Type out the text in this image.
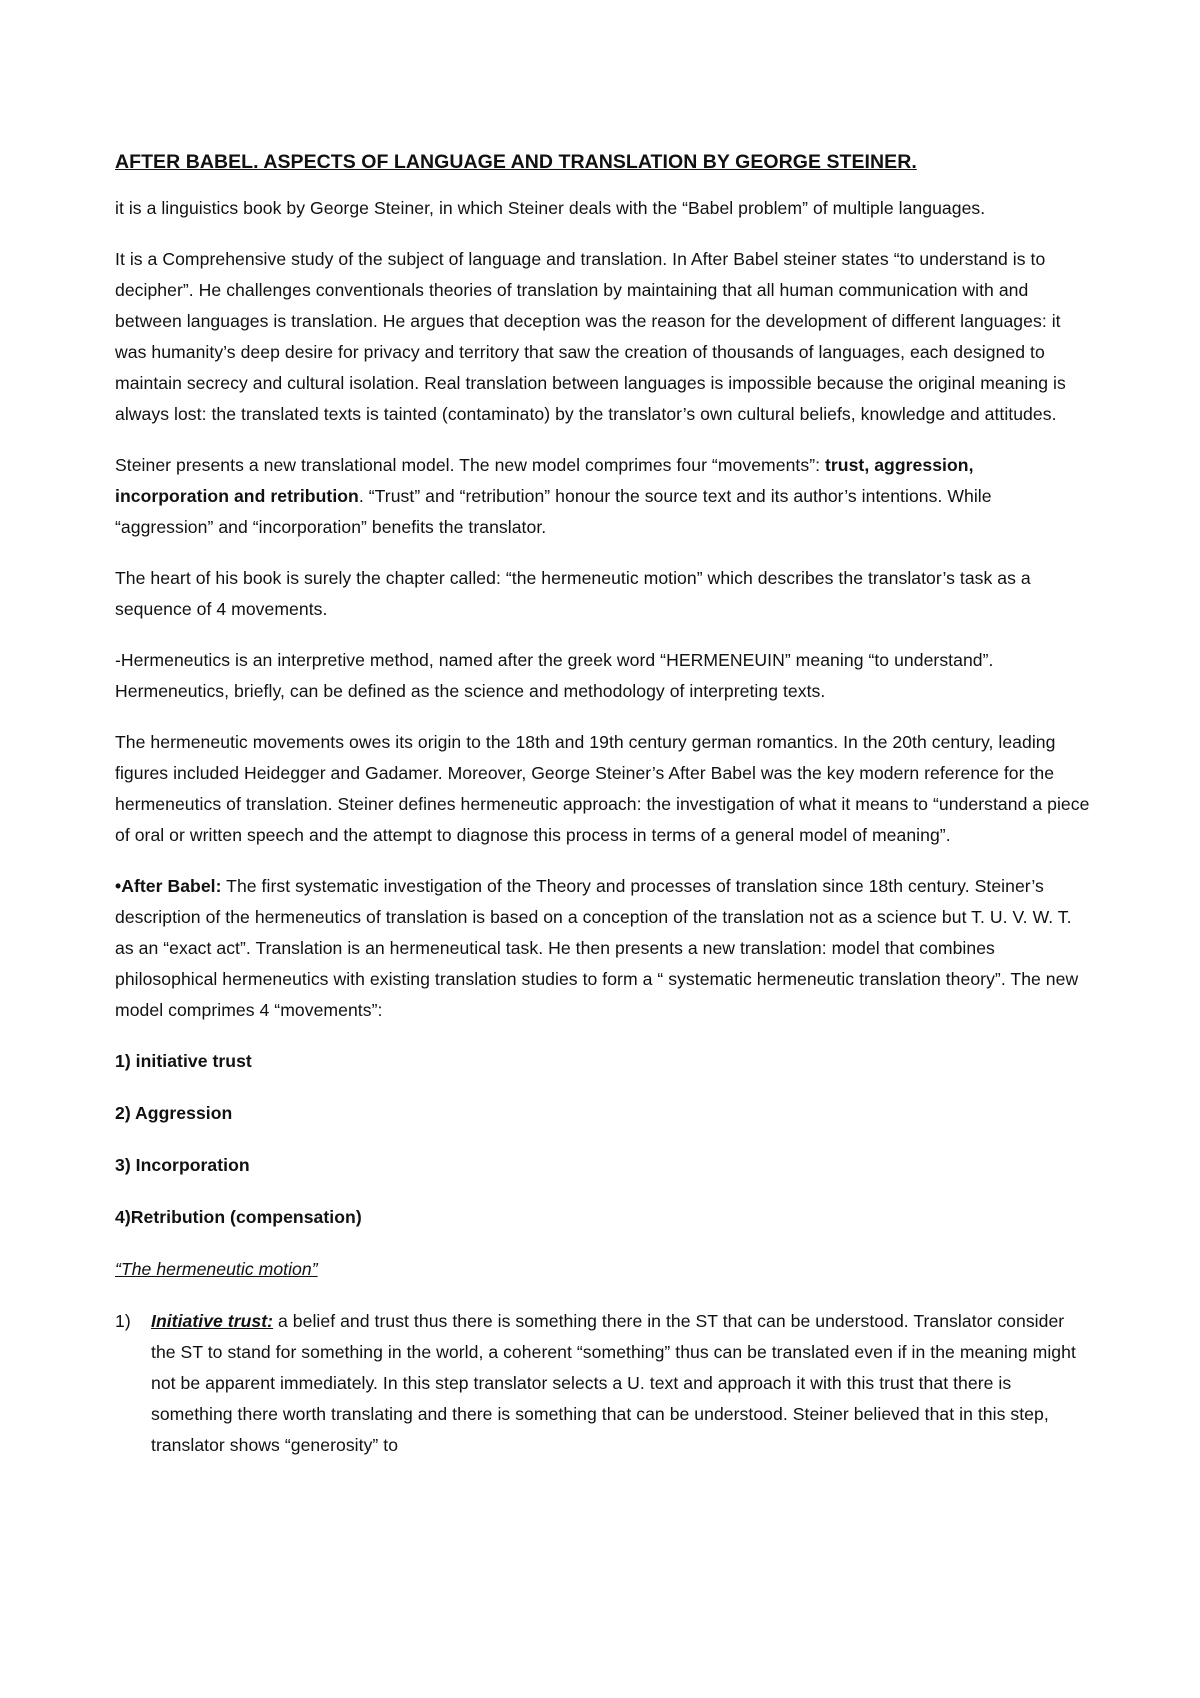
AFTER BABEL. ASPECTS OF LANGUAGE AND TRANSLATION BY GEORGE STEINER.

it is a linguistics book by George Steiner, in which Steiner deals with the “Babel problem” of multiple languages.

It is a Comprehensive study of the subject of language and translation. In After Babel steiner states “to understand is to decipher”. He challenges conventionals theories of translation by maintaining that all human communication with and between languages is translation. He argues that deception was the reason for the development of different languages: it was humanity’s deep desire for privacy and territory that saw the creation of thousands of languages, each designed to maintain secrecy and cultural isolation. Real translation between languages is impossible because the original meaning is always lost: the translated texts is tainted (contaminato) by the translator’s own cultural beliefs, knowledge and attitudes.

Steiner presents a new translational model. The new model comprimes four “movements”: trust, aggression, incorporation and retribution. “Trust” and “retribution” honour the source text and its author’s intentions. While “aggression” and “incorporation” benefits the translator.

The heart of his book is surely the chapter called: “the hermeneutic motion” which describes the translator’s task as a sequence of 4 movements.

-Hermeneutics is an interpretive method, named after the greek word “HERMENEUIN” meaning “to understand”. Hermeneutics, briefly, can be defined as the science and methodology of interpreting texts.

The hermeneutic movements owes its origin to the 18th and 19th century german romantics. In the 20th century, leading figures included Heidegger and Gadamer. Moreover, George Steiner’s After Babel was the key modern reference for the hermeneutics of translation. Steiner defines hermeneutic approach: the investigation of what it means to “understand a piece of oral or written speech and the attempt to diagnose this process in terms of a general model of meaning”.

•After Babel: The first systematic investigation of the Theory and processes of translation since 18th century. Steiner’s description of the hermeneutics of translation is based on a conception of the translation not as a science but T. U. V. W. T. as an “exact act”. Translation is an hermeneutical task. He then presents a new translation: model that combines philosophical hermeneutics with existing translation studies to form a “ systematic hermeneutic translation theory”. The new model comprimes 4 “movements”:

1) initiative trust
2) Aggression
3) Incorporation
4)Retribution (compensation)
“The hermeneutic motion”
1)	Initiative trust: a belief and trust thus there is something there in the ST that can be understood. Translator consider the ST to stand for something in the world, a coherent “something” thus can be translated even if in the meaning might not be apparent immediately. In this step translator selects a U. text and approach it with this trust that there is something there worth translating and there is something that can be understood. Steiner believed that in this step, translator shows “generosity” to
